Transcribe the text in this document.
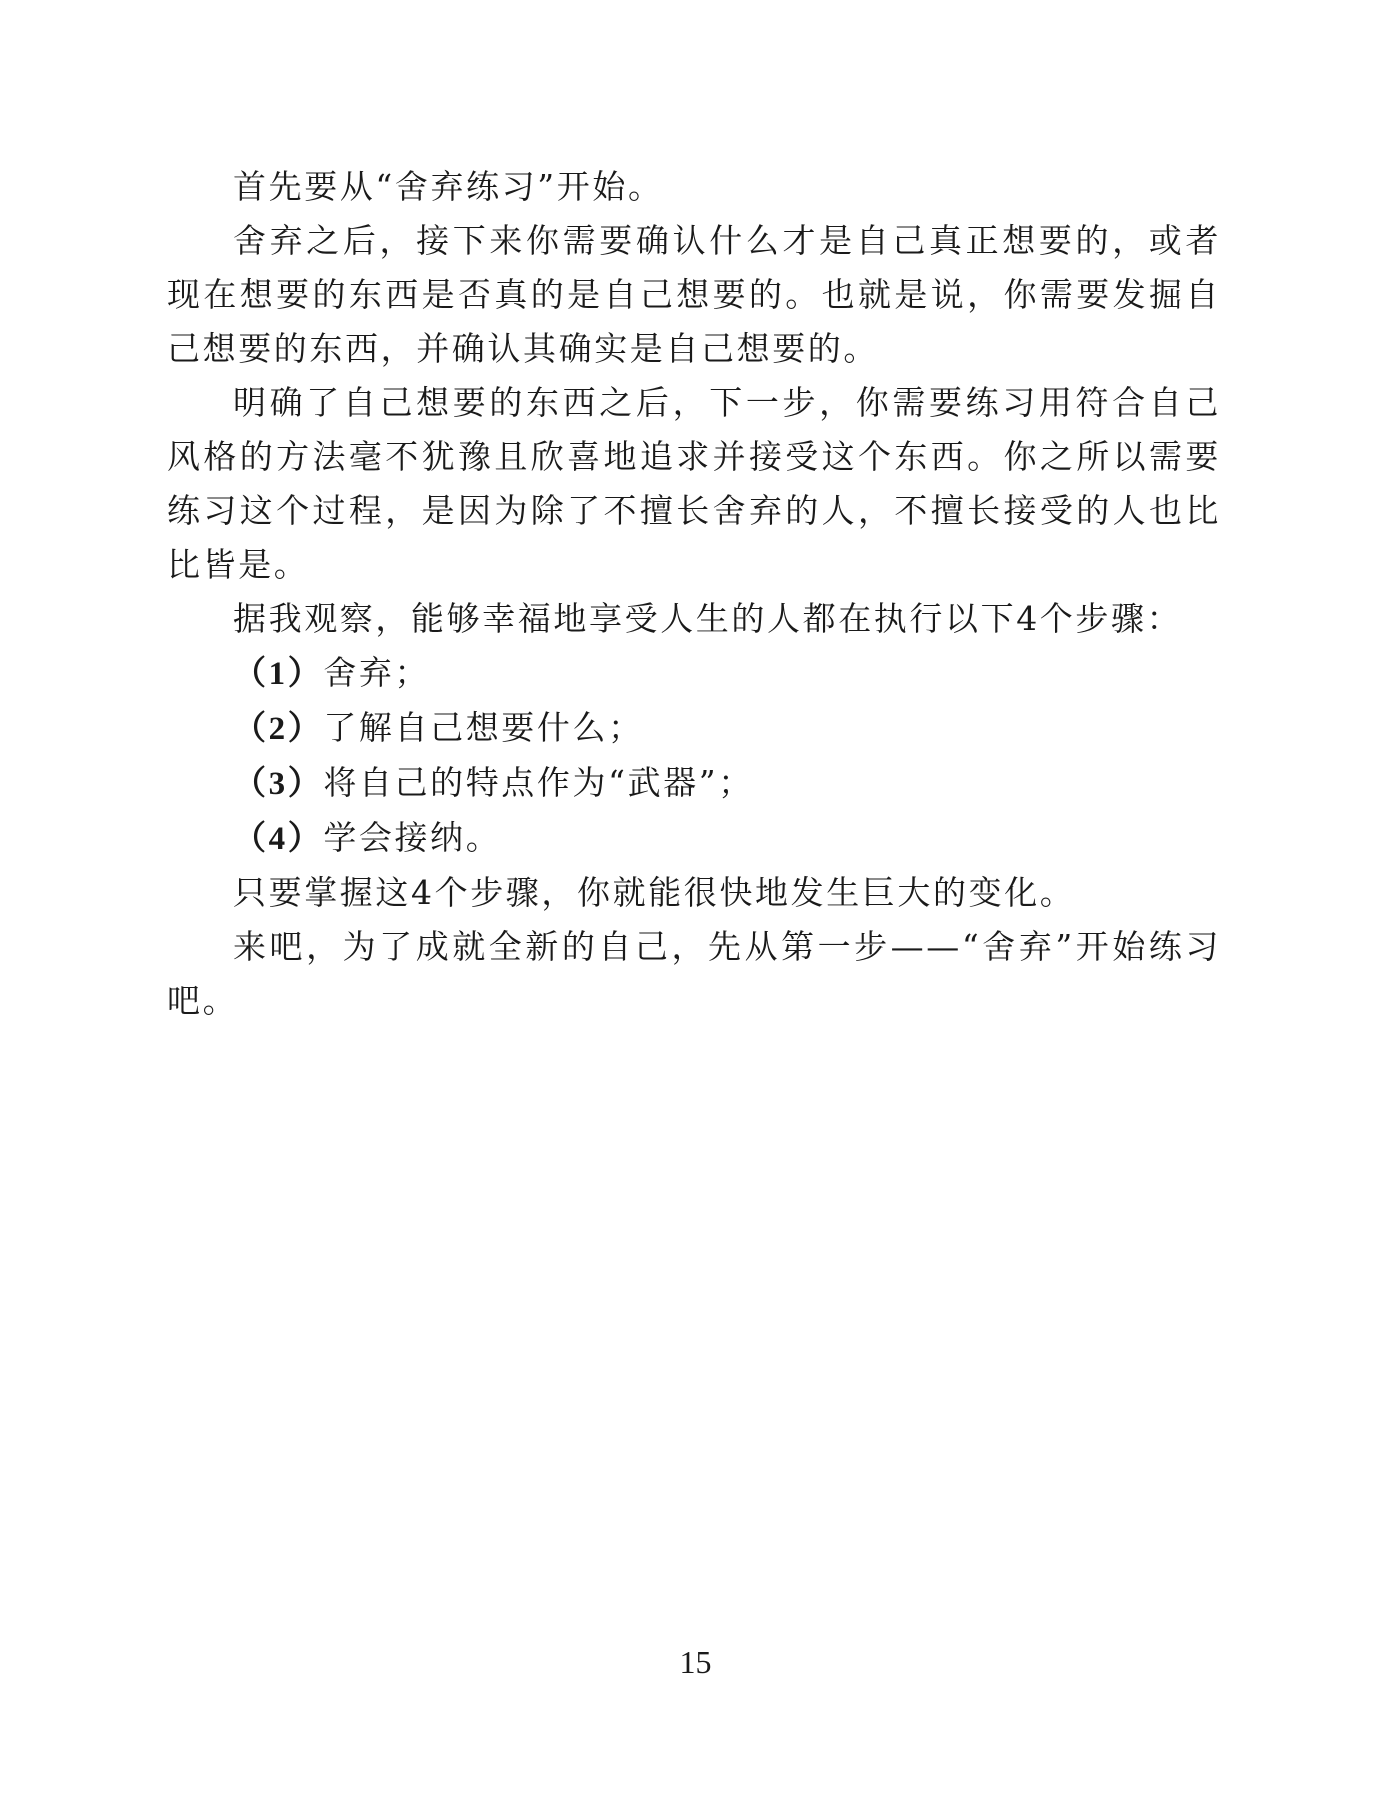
首先要从“舍弃练习”开始。

舍弃之后，接下来你需要确认什么才是自己真正想要的，或者现在想要的东西是否真的是自己想要的。也就是说，你需要发掘自己想要的东西，并确认其确实是自己想要的。

明确了自己想要的东西之后，下一步，你需要练习用符合自己风格的方法毫不犹豫且欣喜地追求并接受这个东西。你之所以需要练习这个过程，是因为除了不擅长舍弃的人，不擅长接受的人也比比皆是。

据我观察，能够幸福地享受人生的人都在执行以下4个步骤：

（1）舍弃；

（2）了解自己想要什么；

（3）将自己的特点作为“武器”；

（4）学会接纳。

只要掌握这4个步骤，你就能很快地发生巨大的变化。

来吧，为了成就全新的自己，先从第一步——“舍弃”开始练习吧。

15
